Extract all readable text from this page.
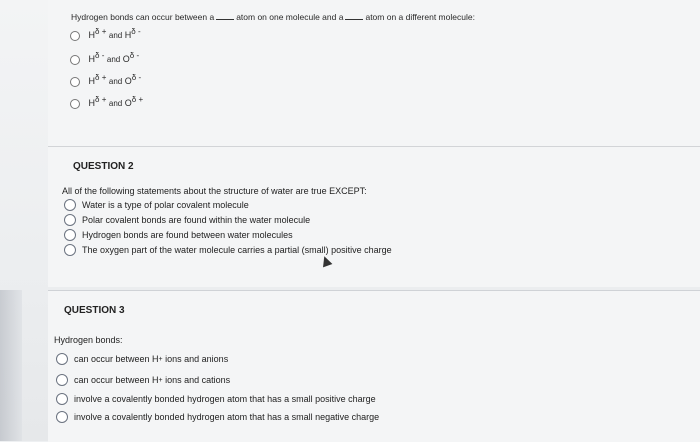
Hydrogen bonds can occur between a	atom on one molecule and a	atom on a different molecule:
$H^{\delta +}$ and $H^{\delta -}$
$H^{\delta -}$ and $O^{\delta -}$
$H^{\delta +}$ and $O^{\delta -}$
$H^{\delta +}$ and $O^{\delta +}$
QUESTION 2
All of the following statements about the structure of water are true EXCEPT:
Water is a type of polar covalent molecule
Polar covalent bonds are found within the water molecule
Hydrogen bonds are found between water molecules
The oxygen part of the water molecule carries a partial (small) positive charge
QUESTION 3
Hydrogen bonds:
can occur between H + ions and anions
can occur between H + ions and cations
involve a covalently bonded hydrogen atom that has a small positive charge
involve a covalently bonded hydrogen atom that has a small negative charge
